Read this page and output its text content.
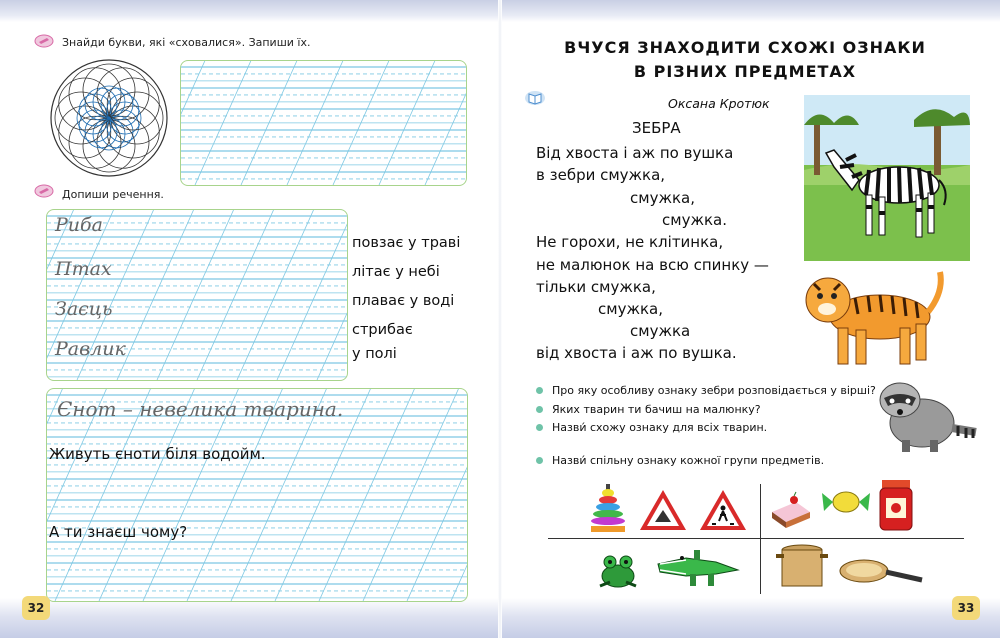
Знайди букви, які «сховалися». Запиши їх.
Допиши речення.
Риба
Птах
Заєць
Равлик
повзає у траві
літає у небі
плаває у воді
стрибає
у полі
Єнот – невелика тварина.
Живуть єноти біля водойм.
А ти знаєш чому?
32
ВЧУСЯ ЗНАХОДИТИ СХОЖІ ОЗНАКИ
В РІЗНИХ ПРЕДМЕТАХ
Оксана Кротюк
ЗЕБРА
Від хвоста і аж по вушка
в зебри смужка,
смужка,
смужка.
Не горохи, не клітинка,
не малюнок на всю спинку —
тільки смужка,
смужка,
смужка
від хвоста і аж по вушка.
Про яку особливу ознаку зебри розповідається у вірші?
Яких тварин ти бачиш на малюнку?
Назви́ схожу ознаку для всіх тварин.
Назви́ спільну ознаку кожної групи предметів.
33
